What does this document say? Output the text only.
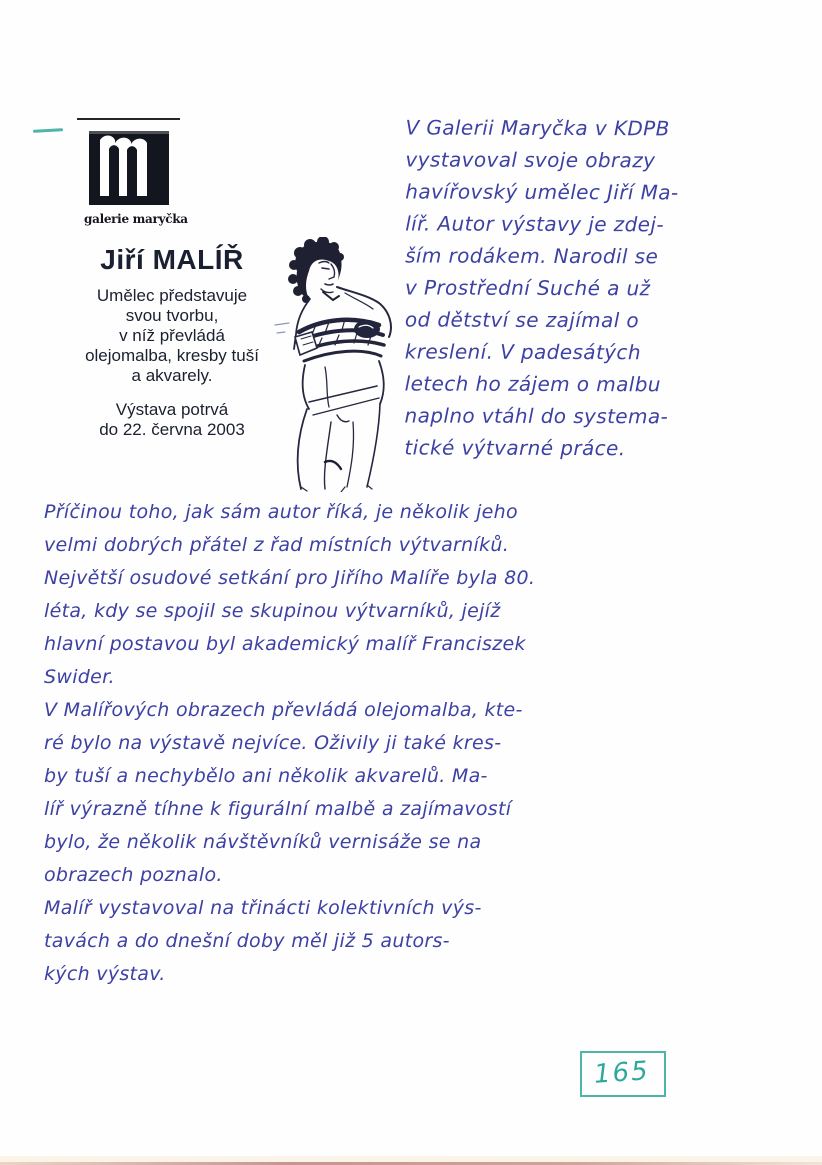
galerie maryčka
Jiří MALÍŘ
Umělec představuje
svou tvorbu,
v níž převládá
olejomalba, kresby tuší
a akvarely.
Výstava potrvá
do 22. června 2003
V Galerii Maryčka v KDPB
vystavoval svoje obrazy
havířovský umělec Jiří Ma-
líř. Autor výstavy je zdej-
ším rodákem. Narodil se
v Prostřední Suché a už
od dětství se zajímal o
kreslení. V padesátých
letech ho zájem o malbu
naplno vtáhl do systema-
tické výtvarné práce.
Příčinou toho, jak sám autor říká, je několik jeho
velmi dobrých přátel z řad místních výtvarníků.
Největší osudové setkání pro Jiřího Malíře byla 80.
léta, kdy se spojil se skupinou výtvarníků, jejíž
hlavní postavou byl akademický malíř Franciszek
Swider.
V Malířových obrazech převládá olejomalba, kte-
ré bylo na výstavě nejvíce. Oživily ji také kres-
by tuší a nechybělo ani několik akvarelů. Ma-
líř výrazně tíhne k figurální malbě a zajímavostí
bylo, že několik návštěvníků vernisáže se na
obrazech poznalo.
Malíř vystavoval na třinácti kolektivních výs-
tavách a do dnešní doby měl již 5 autors-
kých výstav.
165
